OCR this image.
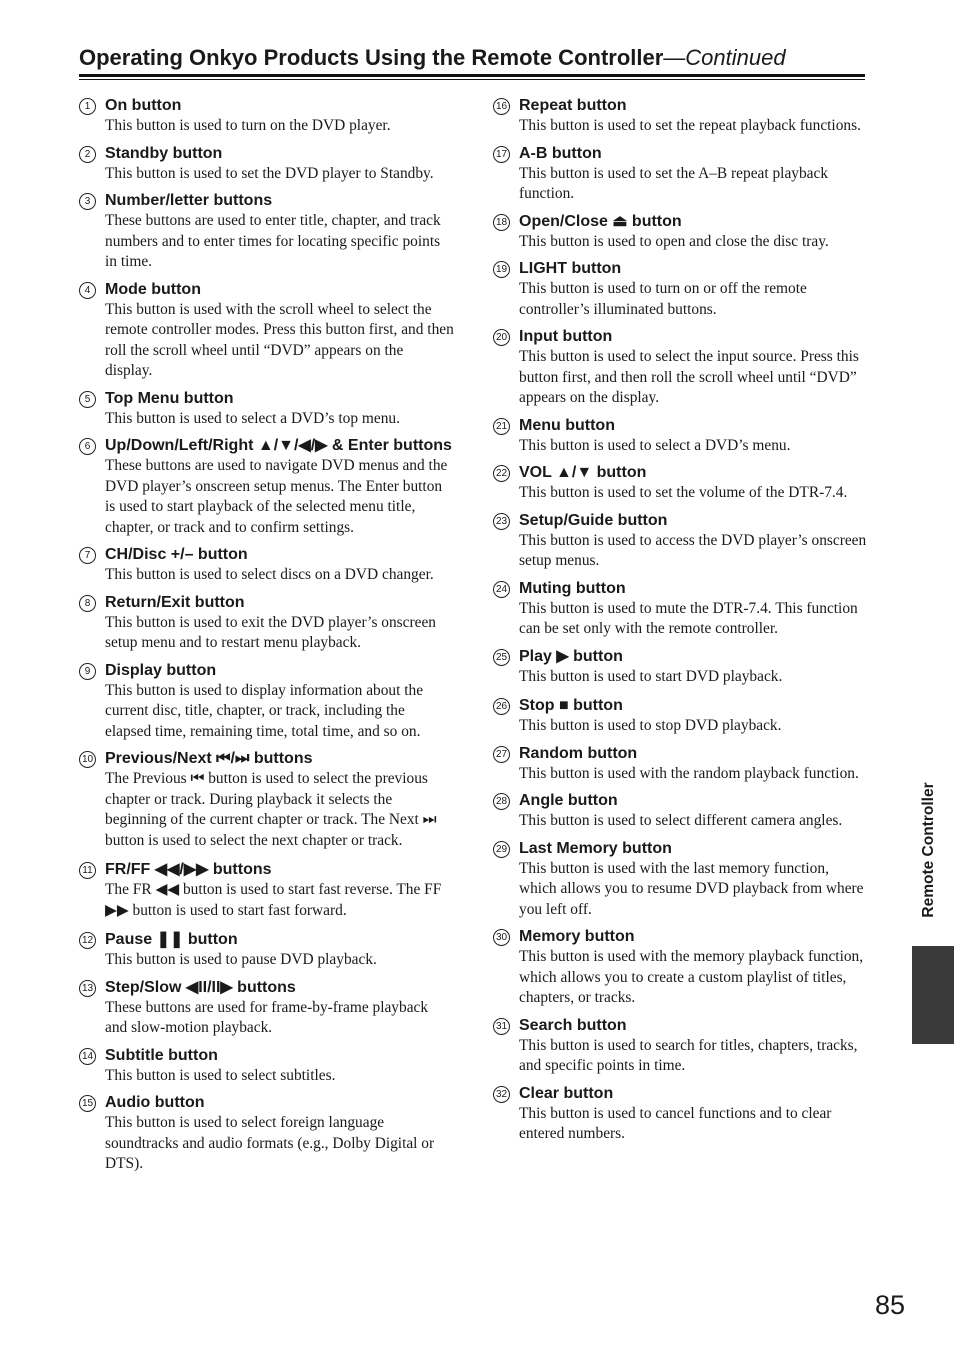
Operating Onkyo Products Using the Remote Controller—Continued
1 On button
This button is used to turn on the DVD player.
2 Standby button
This button is used to set the DVD player to Standby.
3 Number/letter buttons
These buttons are used to enter title, chapter, and track numbers and to enter times for locating specific points in time.
4 Mode button
This button is used with the scroll wheel to select the remote controller modes. Press this button first, and then roll the scroll wheel until “DVD” appears on the display.
5 Top Menu button
This button is used to select a DVD’s top menu.
6 Up/Down/Left/Right ▲/▼/◀/▶ & Enter buttons
These buttons are used to navigate DVD menus and the DVD player’s onscreen setup menus. The Enter button is used to start playback of the selected menu title, chapter, or track and to confirm settings.
7 CH/Disc +/– button
This button is used to select discs on a DVD changer.
8 Return/Exit button
This button is used to exit the DVD player’s onscreen setup menu and to restart menu playback.
9 Display button
This button is used to display information about the current disc, title, chapter, or track, including the elapsed time, remaining time, total time, and so on.
10 Previous/Next ⏮/⏭ buttons
The Previous ⏮ button is used to select the previous chapter or track. During playback it selects the beginning of the current chapter or track. The Next ⏭ button is used to select the next chapter or track.
11 FR/FF ◀◀/▶▶ buttons
The FR ◀◀ button is used to start fast reverse. The FF ▶▶ button is used to start fast forward.
12 Pause ❚❚ button
This button is used to pause DVD playback.
13 Step/Slow ◀II/II▶ buttons
These buttons are used for frame-by-frame playback and slow-motion playback.
14 Subtitle button
This button is used to select subtitles.
15 Audio button
This button is used to select foreign language soundtracks and audio formats (e.g., Dolby Digital or DTS).
16 Repeat button
This button is used to set the repeat playback functions.
17 A-B button
This button is used to set the A–B repeat playback function.
18 Open/Close ⏏ button
This button is used to open and close the disc tray.
19 LIGHT button
This button is used to turn on or off the remote controller’s illuminated buttons.
20 Input button
This button is used to select the input source. Press this button first, and then roll the scroll wheel until “DVD” appears on the display.
21 Menu button
This button is used to select a DVD’s menu.
22 VOL ▲/▼ button
This button is used to set the volume of the DTR-7.4.
23 Setup/Guide button
This button is used to access the DVD player’s onscreen setup menus.
24 Muting button
This button is used to mute the DTR-7.4. This function can be set only with the remote controller.
25 Play ▶ button
This button is used to start DVD playback.
26 Stop ■ button
This button is used to stop DVD playback.
27 Random button
This button is used with the random playback function.
28 Angle button
This button is used to select different camera angles.
29 Last Memory button
This button is used with the last memory function, which allows you to resume DVD playback from where you left off.
30 Memory button
This button is used with the memory playback function, which allows you to create a custom playlist of titles, chapters, or tracks.
31 Search button
This button is used to search for titles, chapters, tracks, and specific points in time.
32 Clear button
This button is used to cancel functions and to clear entered numbers.
Remote Controller
85
